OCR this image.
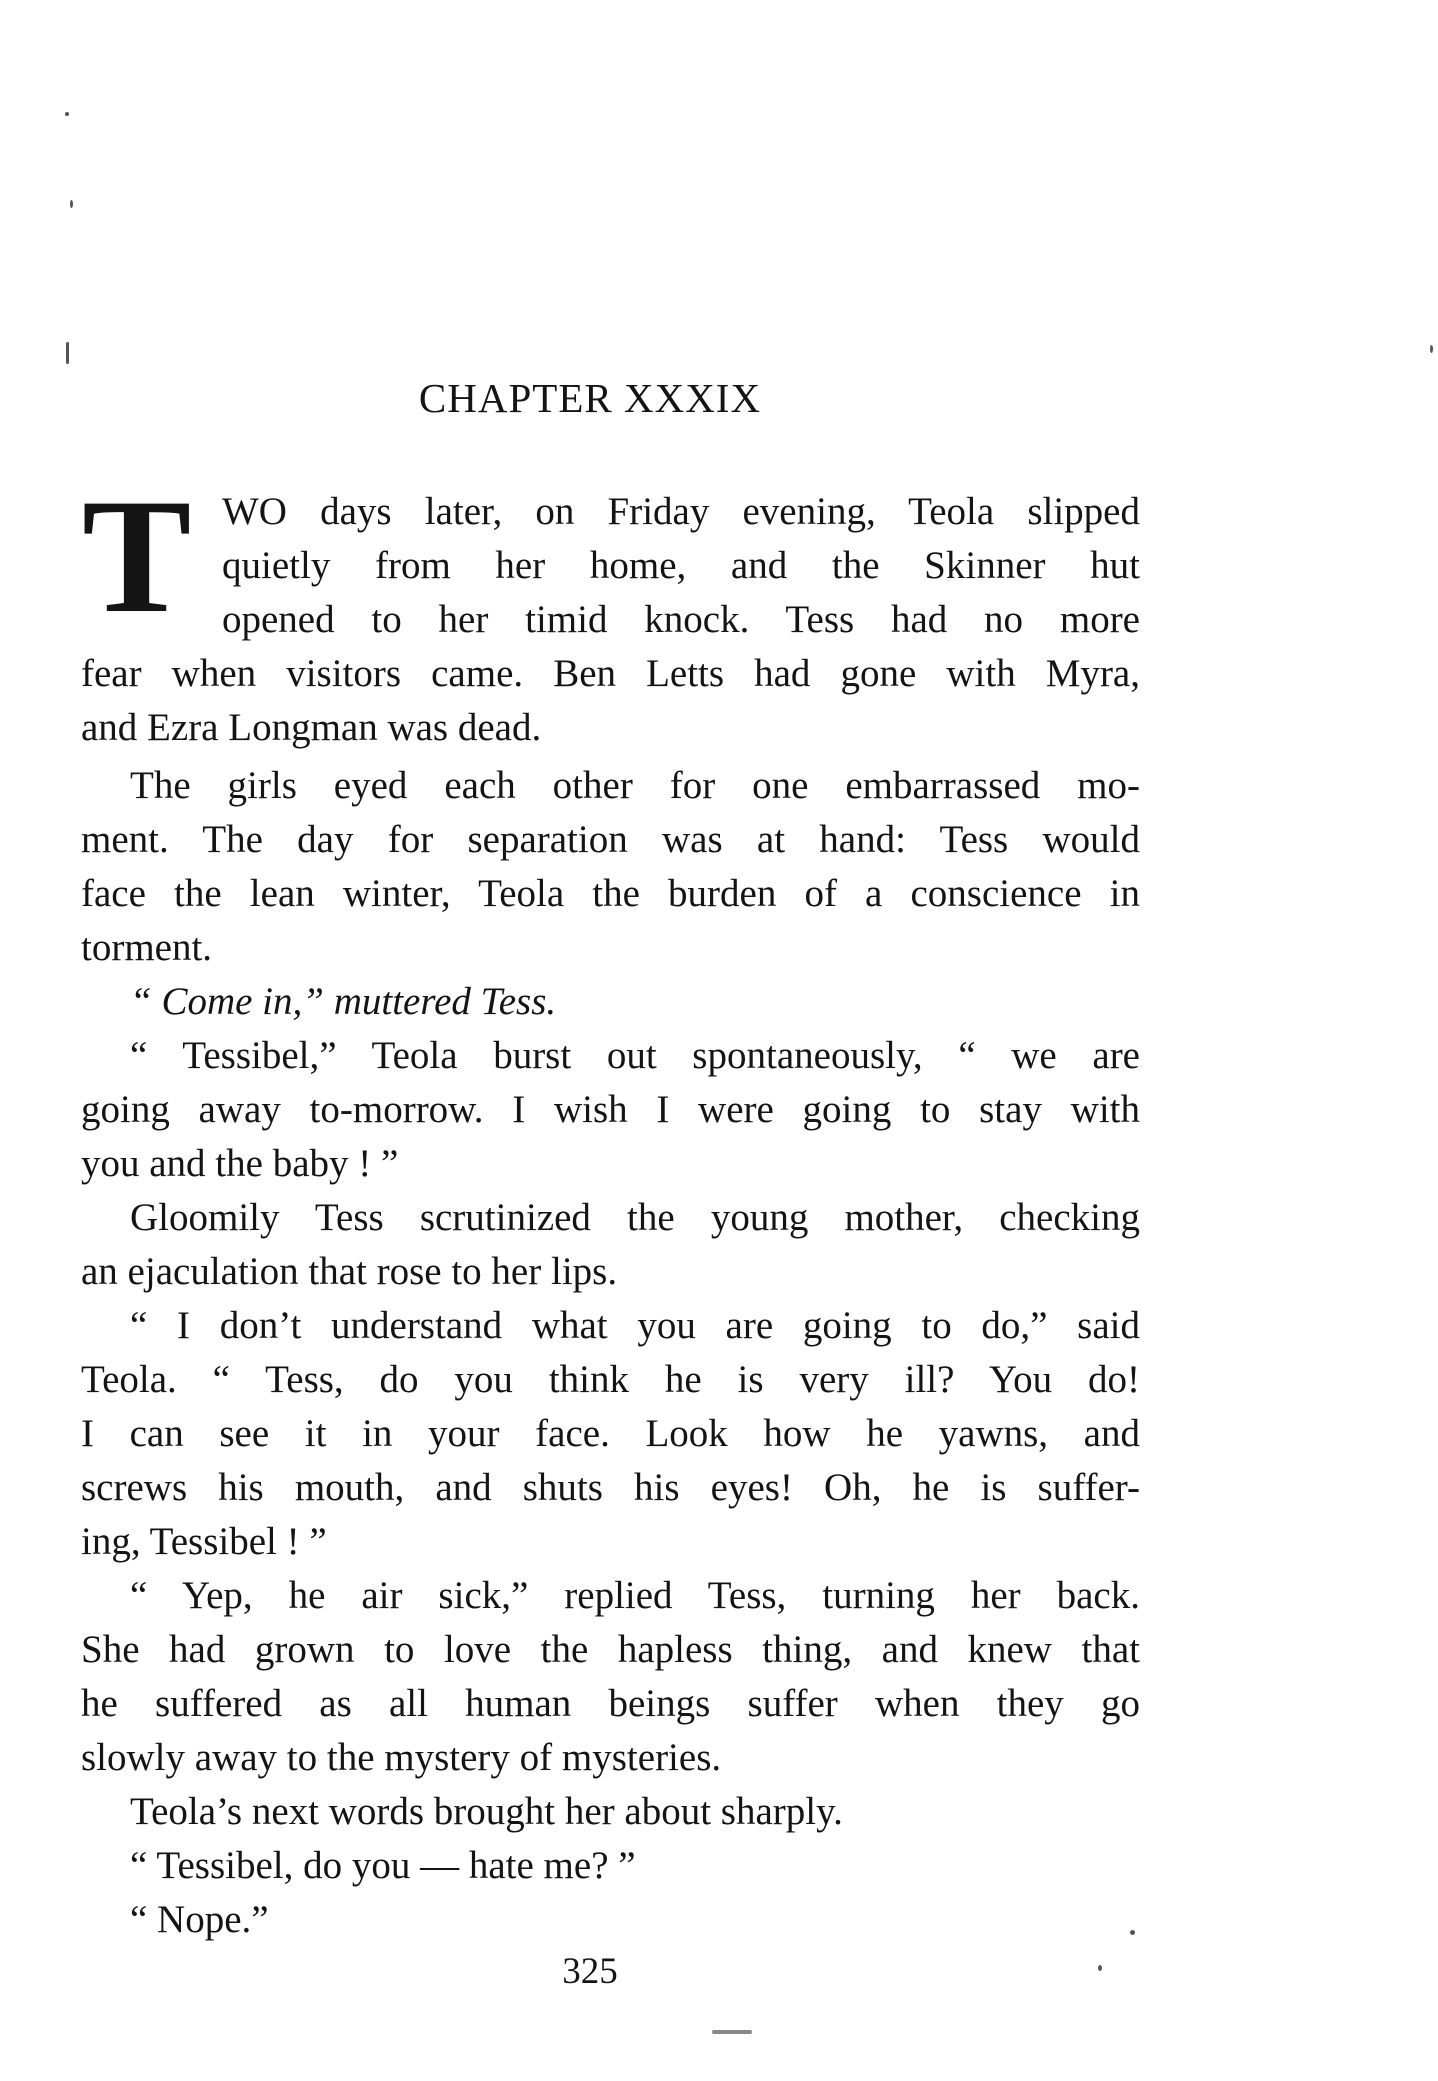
CHAPTER XXXIX
T WO days later, on Friday evening, Teola slipped
quietly from her home, and the Skinner hut
opened to her timid knock. Tess had no more
fear when visitors came. Ben Letts had gone with Myra,
and Ezra Longman was dead.
The girls eyed each other for one embarrassed mo-
ment. The day for separation was at hand: Tess would
face the lean winter, Teola the burden of a conscience in
torment.
“ Come in,” muttered Tess.
“ Tessibel,” Teola burst out spontaneously, “ we are
going away to-morrow. I wish I were going to stay with
you and the baby ! ”
Gloomily Tess scrutinized the young mother, checking
an ejaculation that rose to her lips.
“ I don’t understand what you are going to do,” said
Teola. “ Tess, do you think he is very ill? You do!
I can see it in your face. Look how he yawns, and
screws his mouth, and shuts his eyes! Oh, he is suffer-
ing, Tessibel ! ”
“ Yep, he air sick,” replied Tess, turning her back.
She had grown to love the hapless thing, and knew that
he suffered as all human beings suffer when they go
slowly away to the mystery of mysteries.
Teola’s next words brought her about sharply.
“ Tessibel, do you — hate me? ”
“ Nope.”
325
